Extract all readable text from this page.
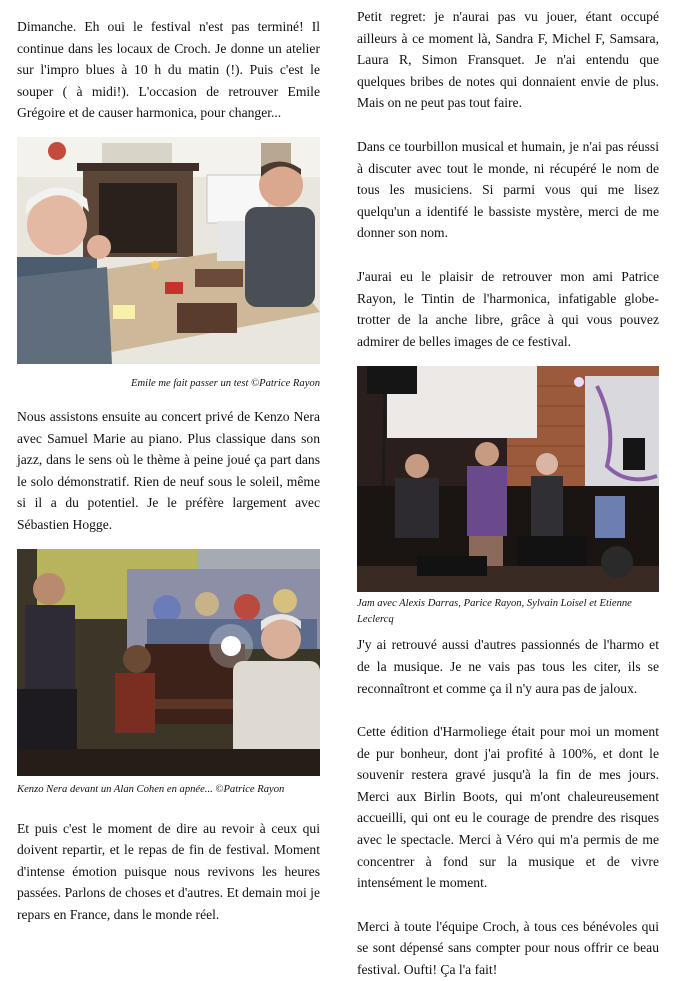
Dimanche. Eh oui le festival n'est pas terminé! Il continue dans les locaux de Croch. Je donne un atelier sur l'impro blues à 10 h du matin (!). Puis c'est le souper ( à midi!). L'occasion de retrouver Emile Grégoire et de causer harmonica, pour changer...

Emile me fait passer un test ©Patrice Rayon

Nous assistons ensuite au concert privé de Kenzo Nera avec Samuel Marie au piano. Plus classique dans son jazz, dans le sens où le thème à peine joué ça part dans le solo démonstratif. Rien de neuf sous le soleil, même si il a du potentiel. Je le préfère largement avec Sébastien Hogge.

Kenzo Nera devant un Alan Cohen en apnée... ©Patrice Rayon

Et puis c'est le moment de dire au revoir à ceux qui doivent repartir, et le repas de fin de festival. Moment d'intense émotion puisque nous revivons les heures passées. Parlons de choses et d'autres. Et demain moi je repars en France, dans le monde réel.

Petit regret: je n'aurai pas vu jouer, étant occupé ailleurs à ce moment là, Sandra F, Michel F, Samsara, Laura R, Simon Fransquet. Je n'ai entendu que quelques bribes de notes qui donnaient envie de plus. Mais on ne peut pas tout faire.

Dans ce tourbillon musical et humain, je n'ai pas réussi à discuter avec tout le monde, ni récupéré le nom de tous les musiciens. Si parmi vous qui me lisez quelqu'un a identifé le bassiste mystère, merci de me donner son nom.

J'aurai eu le plaisir de retrouver mon ami Patrice Rayon, le Tintin de l'harmonica, infatigable globe-trotter de la anche libre, grâce à qui vous pouvez admirer de belles images de ce festival.

Jam avec Alexis Darras, Parice Rayon, Sylvain Loisel et Etienne Leclercq

J'y ai retrouvé aussi d'autres passionnés de l'harmo et de la musique. Je ne vais pas tous les citer, ils se reconnaîtront et comme ça il n'y aura pas de jaloux.

Cette édition d'Harmoliege était pour moi un moment de pur bonheur, dont j'ai profité à 100%, et dont le souvenir restera gravé jusqu'à la fin de mes jours. Merci aux Birlin Boots, qui m'ont chaleureusement accueilli, qui ont eu le courage de prendre des risques avec le spectacle. Merci à Véro qui m'a permis de me concentrer à fond sur la musique et de vivre intensément le moment.

Merci à toute l'équipe Croch, à tous ces bénévoles qui se sont dépensé sans compter pour nous offrir ce beau festival. Oufti! Ça l'a fait!
